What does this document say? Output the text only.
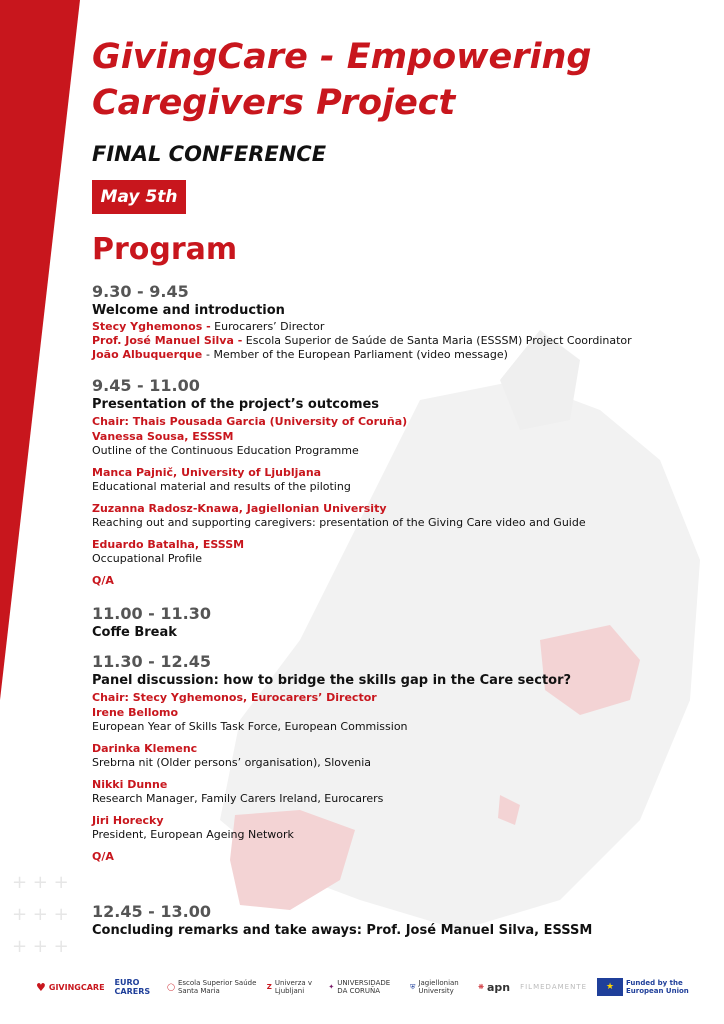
+ + +
+ + +
+ + +
GivingCare - Empowering Caregivers Project
FINAL CONFERENCE
May 5th
Program
9.30 - 9.45
Welcome and introduction
Stecy Yghemonos - Eurocarers’ Director
Prof. José Manuel Silva - Escola Superior de Saúde de Santa Maria (ESSSM) Project Coordinator
João Albuquerque - Member of the European Parliament (video message)
9.45 - 11.00
Presentation of the project’s outcomes
Chair: Thais Pousada Garcia (University of Coruña)
Vanessa Sousa, ESSSM
Outline of the Continuous Education Programme
Manca Pajnič, University of Ljubljana
Educational material and results of the piloting
Zuzanna Radosz-Knawa, Jagiellonian University
Reaching out and supporting caregivers: presentation of the Giving Care video and Guide
Eduardo Batalha, ESSSM
Occupational Profile
Q/A
11.00 - 11.30
Coffe Break
11.30 - 12.45
Panel discussion: how to bridge the skills gap in the Care sector?
Chair: Stecy Yghemonos, Eurocarers’ Director
Irene Bellomo
European Year of Skills Task Force, European Commission
Darinka Klemenc
Srebrna nit (Older persons’ organisation), Slovenia
Nikki Dunne
Research Manager, Family Carers Ireland, Eurocarers
Jiri Horecky
President, European Ageing Network
Q/A
12.45 - 13.00
Concluding remarks and take aways: Prof. José Manuel Silva, ESSSM
♥ GIVINGCARE EURO CARERS	◯ Escola Superior Saúde Santa Maria	Z Univerza v Ljubljani	✦ UNIVERSIDADE DA CORUÑA
⛨ Jagiellonian University	❋ apn FILMEDAMENTE	★	Funded by the European Union
